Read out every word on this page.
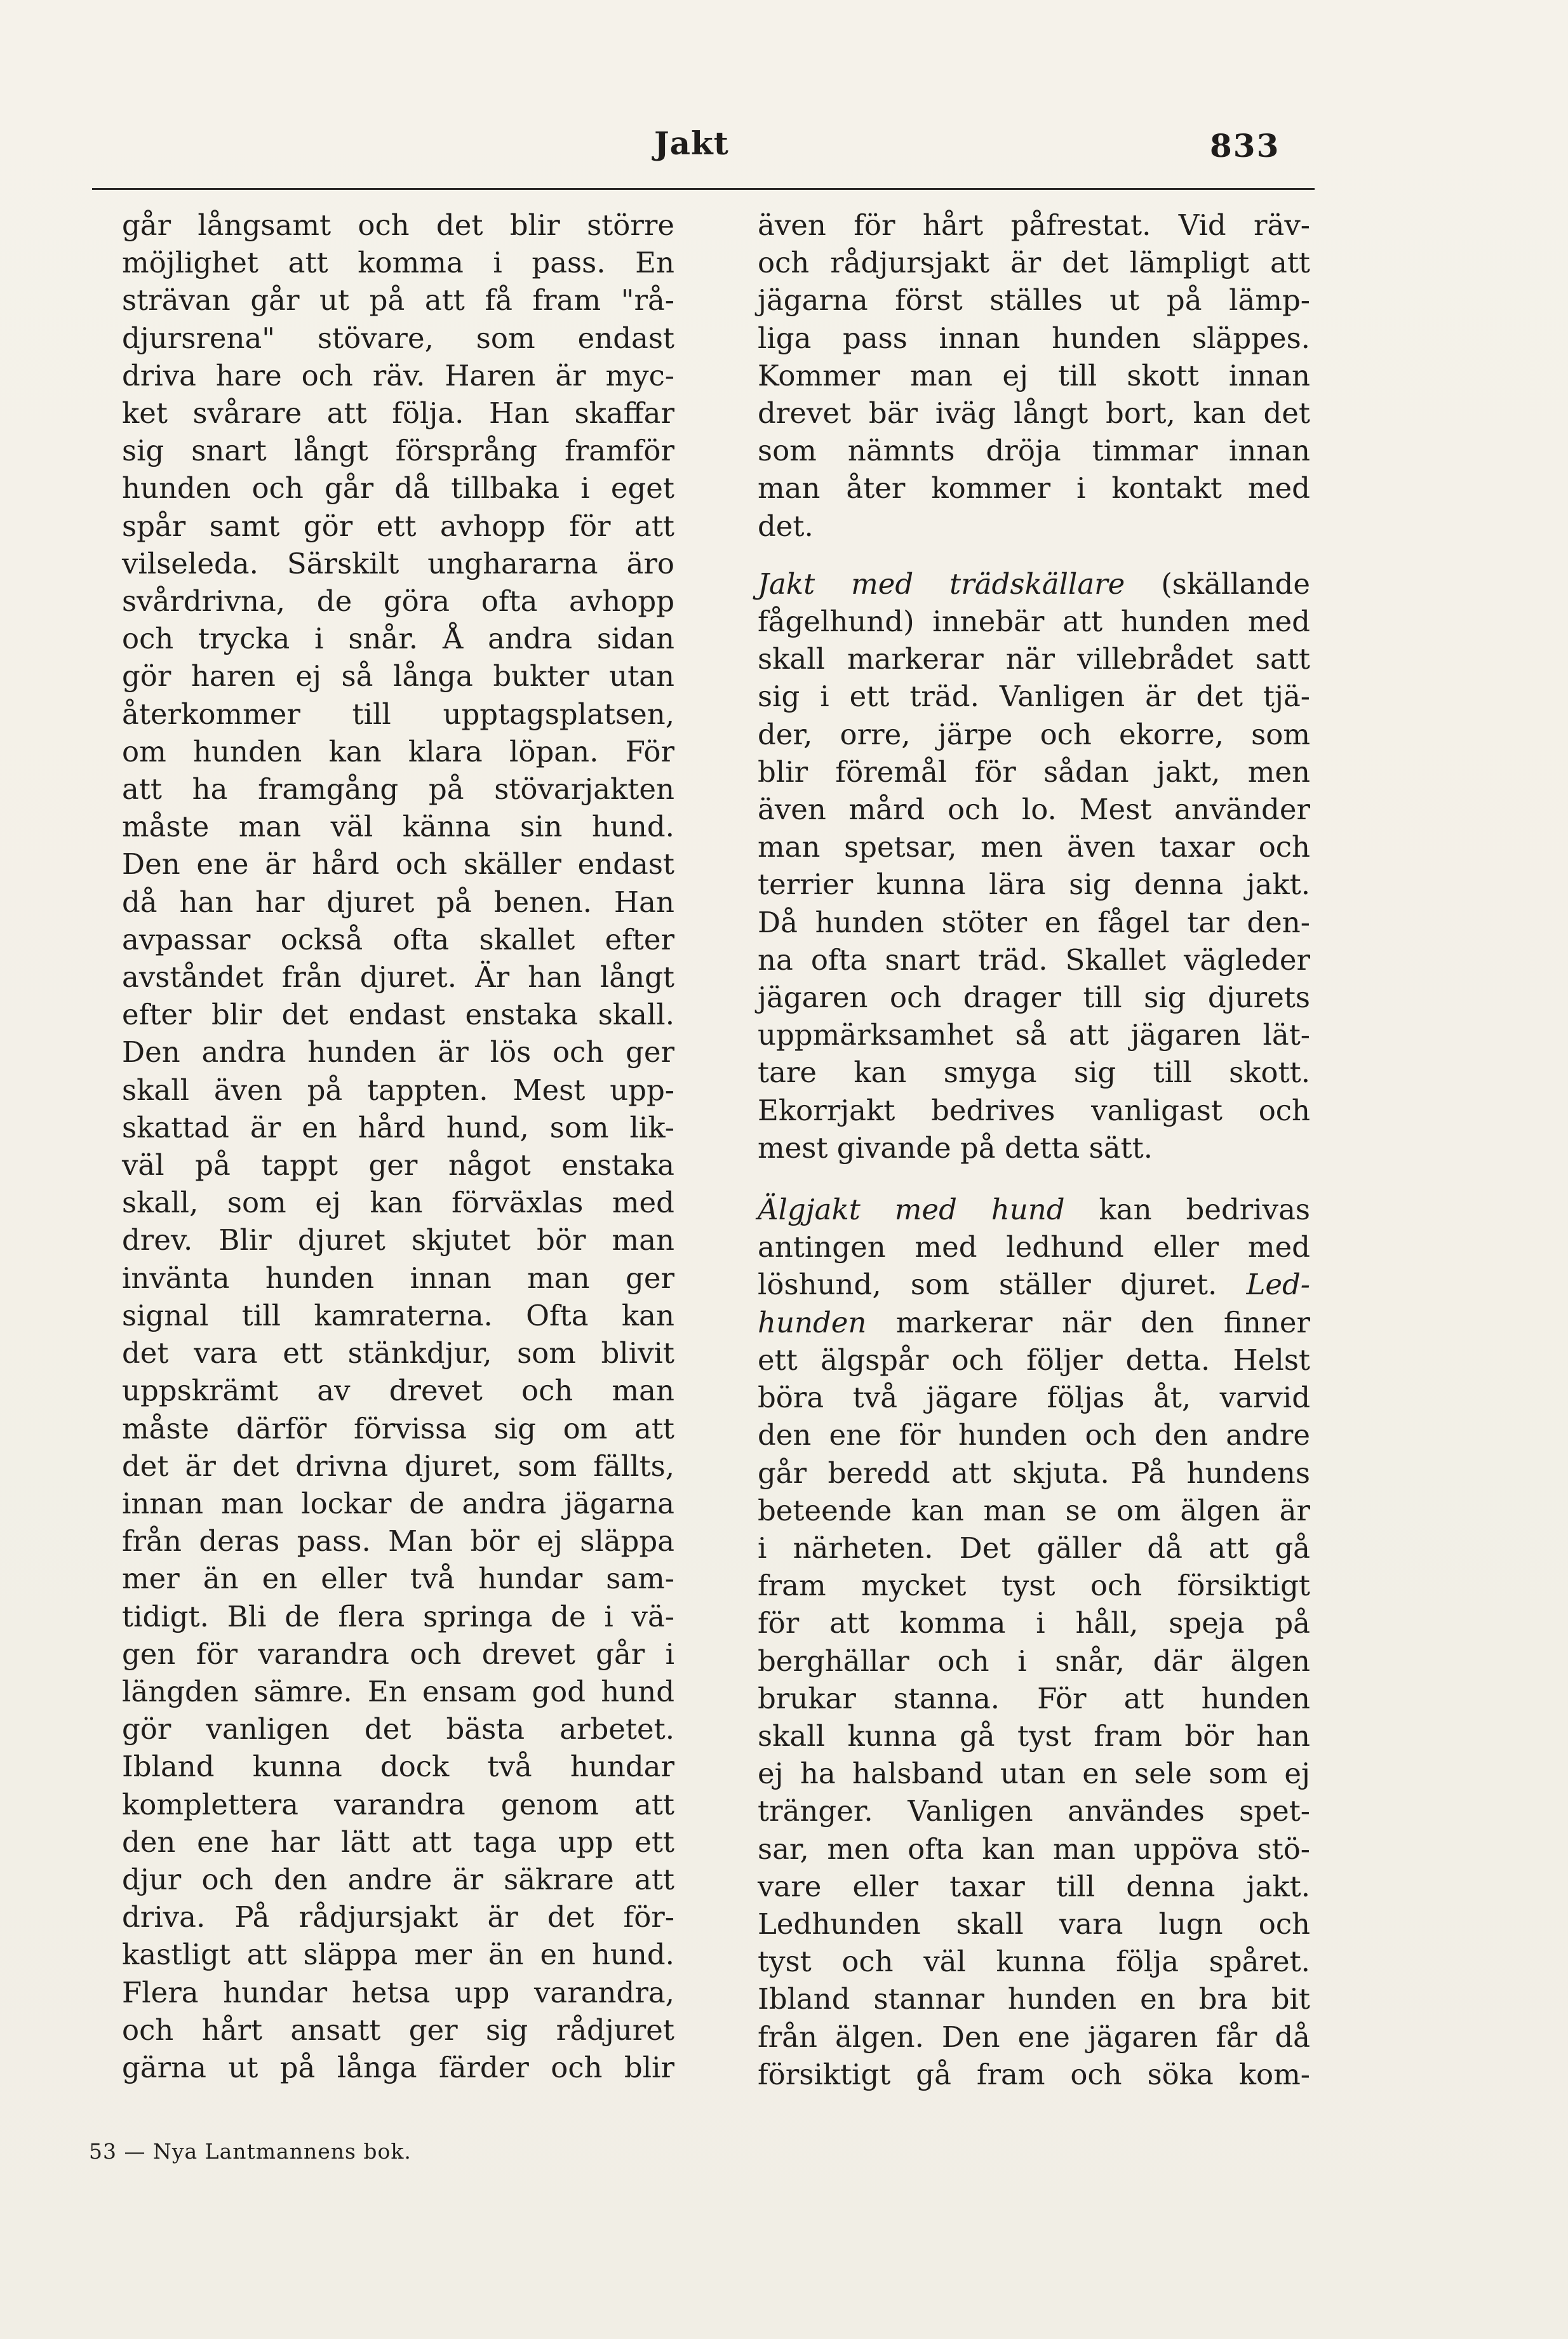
Jakt	833
går långsamt och det blir större
möjlighet att komma i pass. En
strävan går ut på att få fram "rå-
djursrena" stövare, som endast
driva hare och räv. Haren är myc-
ket svårare att följa. Han skaffar
sig snart långt försprång framför
hunden och går då tillbaka i eget
spår samt gör ett avhopp för att
vilseleda. Särskilt unghararna äro
svårdrivna, de göra ofta avhopp
och trycka i snår. Å andra sidan
gör haren ej så långa bukter utan
återkommer till upptagsplatsen,
om hunden kan klara löpan. För
att ha framgång på stövarjakten
måste man väl känna sin hund.
Den ene är hård och skäller endast
då han har djuret på benen. Han
avpassar också ofta skallet efter
avståndet från djuret. Är han långt
efter blir det endast enstaka skall.
Den andra hunden är lös och ger
skall även på tappten. Mest upp-
skattad är en hård hund, som lik-
väl på tappt ger något enstaka
skall, som ej kan förväxlas med
drev. Blir djuret skjutet bör man
invänta hunden innan man ger
signal till kamraterna. Ofta kan
det vara ett stänkdjur, som blivit
uppskrämt av drevet och man
måste därför förvissa sig om att
det är det drivna djuret, som fällts,
innan man lockar de andra jägarna
från deras pass. Man bör ej släppa
mer än en eller två hundar sam-
tidigt. Bli de flera springa de i vä-
gen för varandra och drevet går i
längden sämre. En ensam god hund
gör vanligen det bästa arbetet.
Ibland kunna dock två hundar
komplettera varandra genom att
den ene har lätt att taga upp ett
djur och den andre är säkrare att
driva. På rådjursjakt är det för-
kastligt att släppa mer än en hund.
Flera hundar hetsa upp varandra,
och hårt ansatt ger sig rådjuret
gärna ut på långa färder och blir
även för hårt påfrestat. Vid räv-
och rådjursjakt är det lämpligt att
jägarna först ställes ut på lämp-
liga pass innan hunden släppes.
Kommer man ej till skott innan
drevet bär iväg långt bort, kan det
som nämnts dröja timmar innan
man åter kommer i kontakt med
det.
Jakt med trädskällare (skällande
fågelhund) innebär att hunden med
skall markerar när villebrådet satt
sig i ett träd. Vanligen är det tjä-
der, orre, järpe och ekorre, som
blir föremål för sådan jakt, men
även mård och lo. Mest använder
man spetsar, men även taxar och
terrier kunna lära sig denna jakt.
Då hunden stöter en fågel tar den-
na ofta snart träd. Skallet vägleder
jägaren och drager till sig djurets
uppmärksamhet så att jägaren lät-
tare kan smyga sig till skott.
Ekorrjakt bedrives vanligast och
mest givande på detta sätt.
Älgjakt med hund kan bedrivas
antingen med ledhund eller med
löshund, som ställer djuret. Led-
hunden markerar när den finner
ett älgspår och följer detta. Helst
böra två jägare följas åt, varvid
den ene för hunden och den andre
går beredd att skjuta. På hundens
beteende kan man se om älgen är
i närheten. Det gäller då att gå
fram mycket tyst och försiktigt
för att komma i håll, speja på
berghällar och i snår, där älgen
brukar stanna. För att hunden
skall kunna gå tyst fram bör han
ej ha halsband utan en sele som ej
tränger. Vanligen användes spet-
sar, men ofta kan man uppöva stö-
vare eller taxar till denna jakt.
Ledhunden skall vara lugn och
tyst och väl kunna följa spåret.
Ibland stannar hunden en bra bit
från älgen. Den ene jägaren får då
försiktigt gå fram och söka kom-
53 — Nya Lantmannens bok.
